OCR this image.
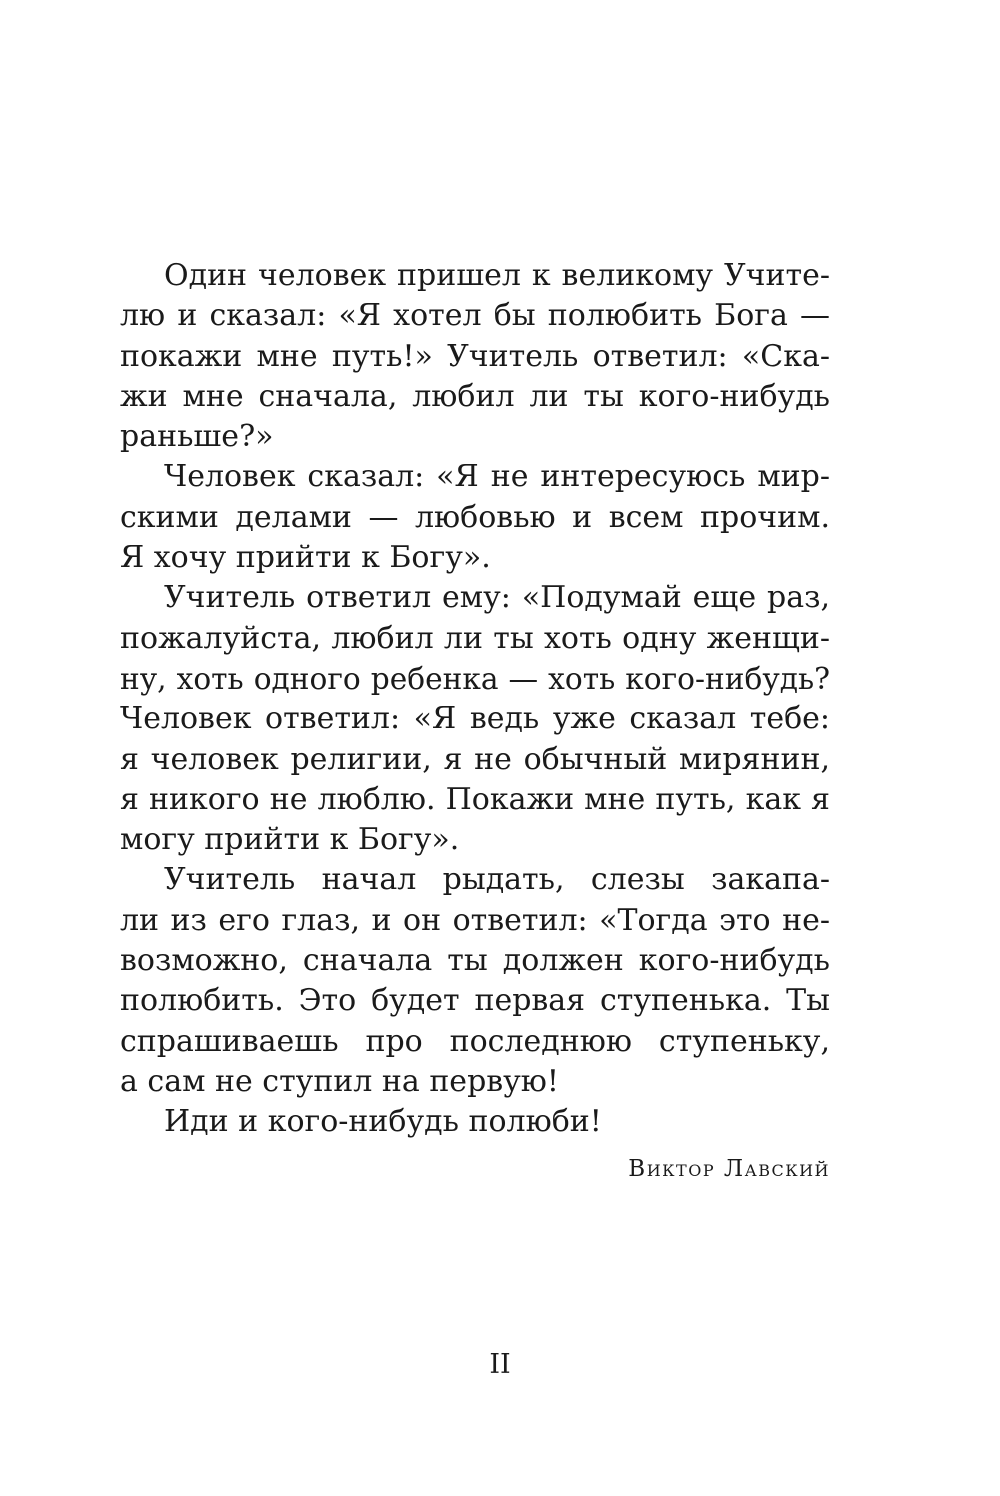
Один человек пришел к великому Учите-
лю и сказал: «Я хотел бы полюбить Бога —
покажи мне путь!» Учитель ответил: «Ска-
жи мне сначала, любил ли ты кого-нибудь
раньше?»
Человек сказал: «Я не интересуюсь мир-
скими делами — любовью и всем прочим.
Я хочу прийти к Богу».
Учитель ответил ему: «Подумай еще раз,
пожалуйста, любил ли ты хоть одну женщи-
ну, хоть одного ребенка — хоть кого-нибудь?
Человек ответил: «Я ведь уже сказал тебе:
я человек религии, я не обычный мирянин,
я никого не люблю. Покажи мне путь, как я
могу прийти к Богу».
Учитель начал рыдать, слезы закапа-
ли из его глаз, и он ответил: «Тогда это не-
возможно, сначала ты должен кого-нибудь
полюбить. Это будет первая ступенька. Ты
спрашиваешь про последнюю ступеньку,
а сам не ступил на первую!
Иди и кого-нибудь полюби!

Виктор Лавский

II
